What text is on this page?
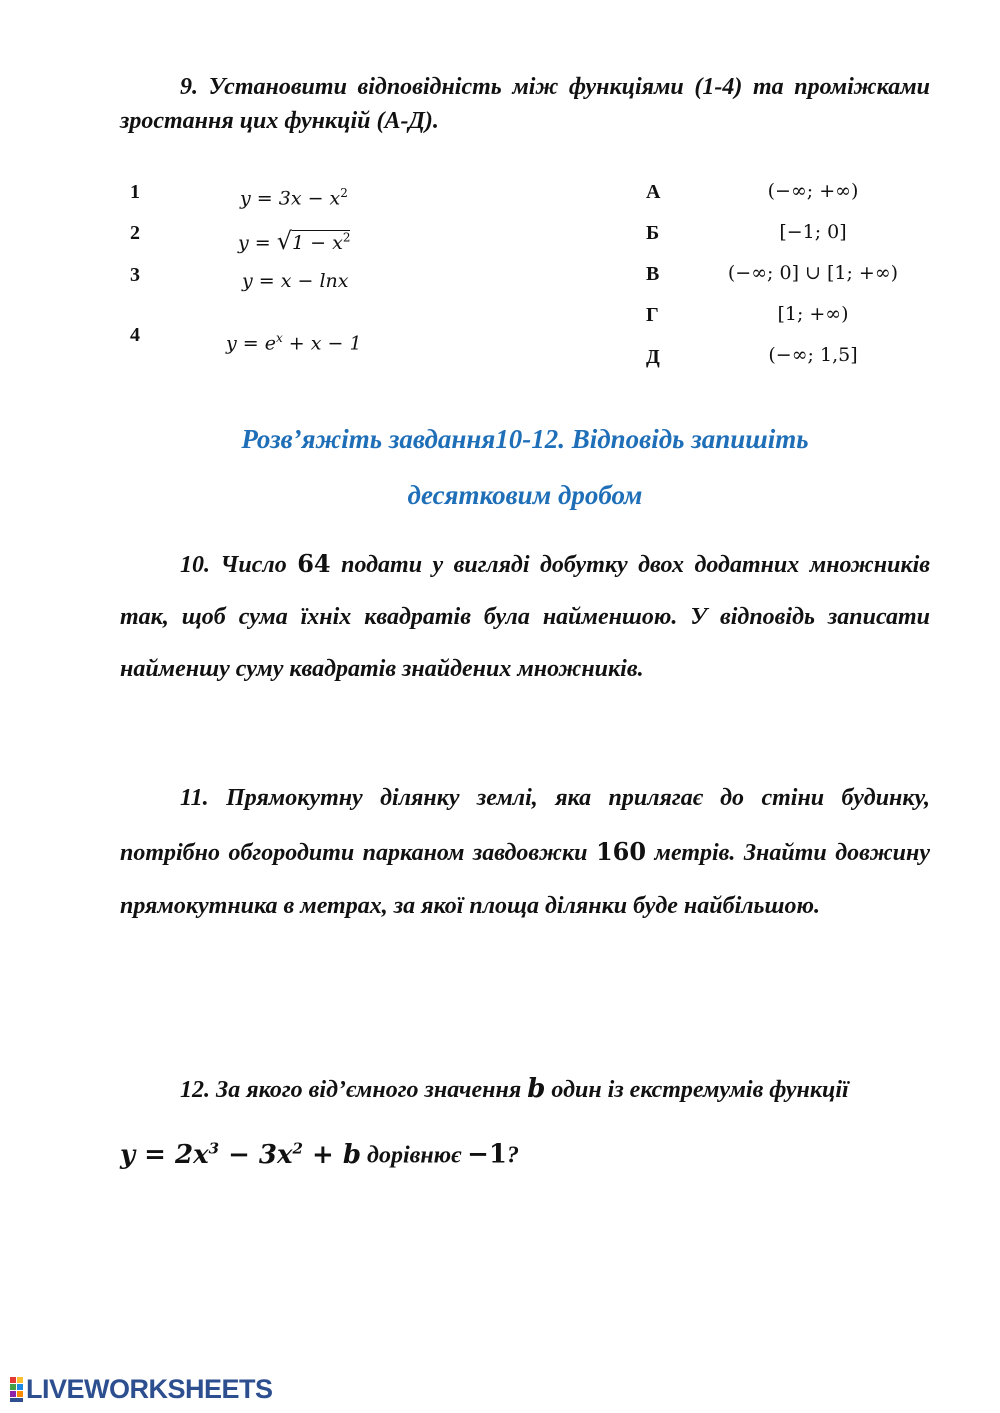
9. Установити відповідність між функціями (1-4) та проміжками зростання цих функцій (А-Д).
1	$y = 3x - x^2$
2	$y = √1 - x^2$
3	y = x − lnx
4	$y = e^x + x - 1$
А	(−∞; +∞)
Б	[−1; 0]
В	(−∞; 0] ∪ [1; +∞)
Г	[1; +∞)
Д	(−∞; 1,5]
Розв’яжіть завдання10-12. Відповідь запишіть
десятковим дробом
10. Число 64 подати у вигляді добутку двох додатних множників так, щоб сума їхніх квадратів була найменшою. У відповідь записати найменшу суму квадратів знайдених множників.
11. Прямокутну ділянку землі, яка прилягає до стіни будинку, потрібно обгородити парканом завдовжки 160 метрів. Знайти довжину прямокутника в метрах, за якої площа ділянки буде найбільшою.
12. За якого від’ємного значення b один із екстремумів функції
$y = 2x^3 - 3x^2 + b$ дорівнює −1?
LIVEWORKSHEETS
